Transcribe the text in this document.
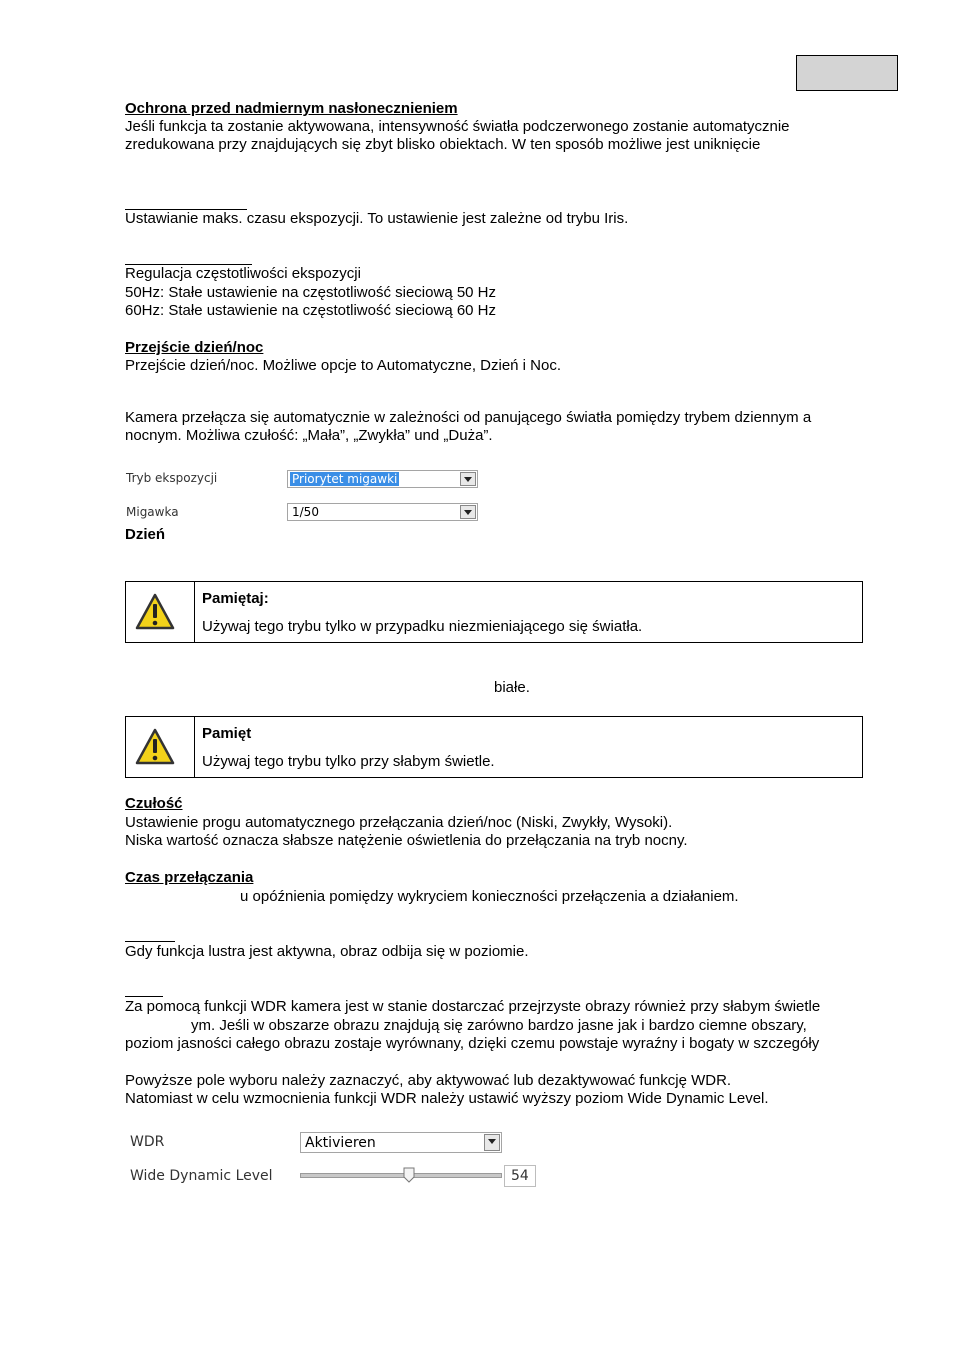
Ochrona przed nadmiernym nasłonecznieniem
Jeśli funkcja ta zostanie aktywowana, intensywność światła podczerwonego zostanie automatycznie
zredukowana przy znajdujących się zbyt blisko obiektach. W ten sposób możliwe jest uniknięcie
Ustawianie maks. czasu ekspozycji. To ustawienie jest zależne od trybu Iris.
Regulacja częstotliwości ekspozycji
50Hz: Stałe ustawienie na częstotliwość sieciową 50 Hz
60Hz: Stałe ustawienie na częstotliwość sieciową 60 Hz
Przejście dzień/noc
Przejście dzień/noc. Możliwe opcje to Automatyczne, Dzień i Noc.
Kamera przełącza się automatycznie w zależności od panującego światła pomiędzy trybem dziennym a
nocnym. Możliwa czułość: „Mała”, „Zwykła” und „Duża”.
Tryb ekspozycji	Priorytet migawki
Migawka	1/50
Dzień
Pamiętaj:
Używaj tego trybu tylko w przypadku niezmieniającego się światła.
białe.
Pamięt
Używaj tego trybu tylko przy słabym świetle.
Czułość
Ustawienie progu automatycznego przełączania dzień/noc (Niski, Zwykły, Wysoki).
Niska wartość oznacza słabsze natężenie oświetlenia do przełączania na tryb nocny.
Czas przełączania
u opóźnienia pomiędzy wykryciem konieczności przełączenia a działaniem.
Gdy funkcja lustra jest aktywna, obraz odbija się w poziomie.
Za pomocą funkcji WDR kamera jest w stanie dostarczać przejrzyste obrazy również przy słabym świetle
ym. Jeśli w obszarze obrazu znajdują się zarówno bardzo jasne jak i bardzo ciemne obszary,
poziom jasności całego obrazu zostaje wyrównany, dzięki czemu powstaje wyraźny i bogaty w szczegóły
Powyższe pole wyboru należy zaznaczyć, aby aktywować lub dezaktywować funkcję WDR.
Natomiast w celu wzmocnienia funkcji WDR należy ustawić wyższy poziom Wide Dynamic Level.
WDR	Aktivieren
Wide Dynamic Level	54
